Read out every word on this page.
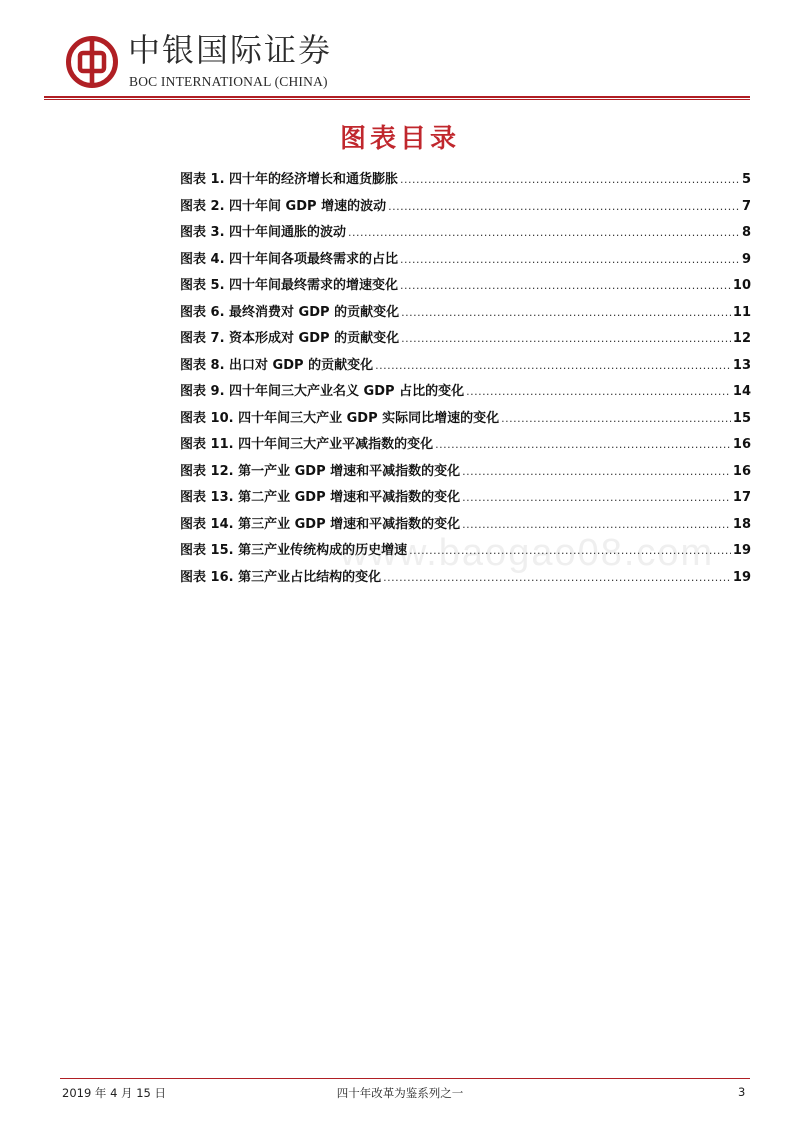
中银国际证券
BOC INTERNATIONAL (CHINA)
图表目录
图表 1. 四十年的经济增长和通货膨胀 .....	5
图表 2. 四十年间 GDP 增速的波动 .....	7
图表 3. 四十年间通胀的波动 .....	8
图表 4. 四十年间各项最终需求的占比 .....	9
图表 5. 四十年间最终需求的增速变化 .....	10
图表 6. 最终消费对 GDP 的贡献变化 .....	11
图表 7. 资本形成对 GDP 的贡献变化 .....	12
图表 8. 出口对 GDP 的贡献变化 .....	13
图表 9. 四十年间三大产业名义 GDP 占比的变化 .....	14
图表 10. 四十年间三大产业 GDP 实际同比增速的变化 .....	15
图表 11. 四十年间三大产业平减指数的变化 .....	16
图表 12. 第一产业 GDP 增速和平减指数的变化 .....	16
图表 13. 第二产业 GDP 增速和平减指数的变化 .....	17
图表 14. 第三产业 GDP 增速和平减指数的变化 .....	18
图表 15. 第三产业传统构成的历史增速 .....	19
图表 16. 第三产业占比结构的变化 .....	19
www.baogao08.com
2019 年 4 月 15 日	四十年改革为鉴系列之一	3
